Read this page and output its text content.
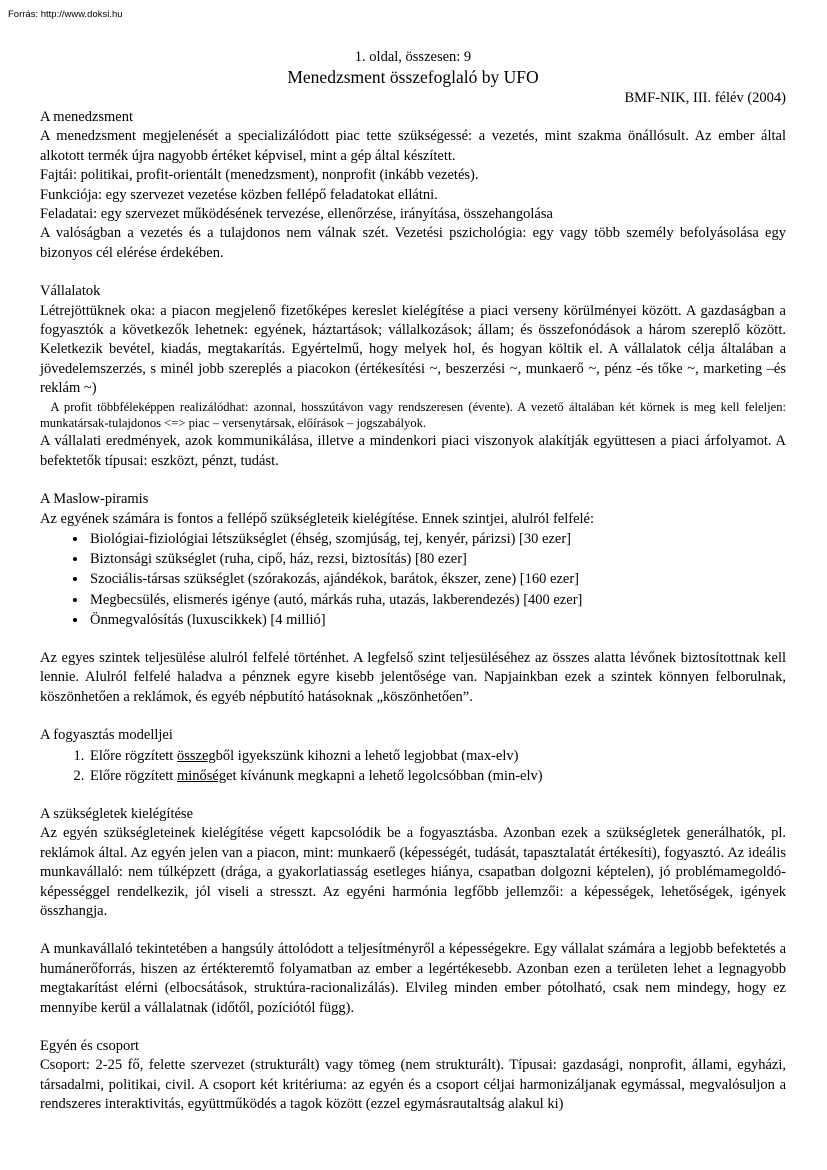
Forrás: http://www.doksi.hu
1. oldal, összesen: 9
Menedzsment összefoglaló by UFO
BMF-NIK, III. félév (2004)
A menedzsment

A menedzsment megjelenését a specializálódott piac tette szükségessé: a vezetés, mint szakma önállósult. Az ember által alkotott termék újra nagyobb értéket képvisel, mint a gép által készített.

Fajtái: politikai, profit-orientált (menedzsment), nonprofit (inkább vezetés).

Funkciója: egy szervezet vezetése közben fellépő feladatokat ellátni.

Feladatai: egy szervezet működésének tervezése, ellenőrzése, irányítása, összehangolása

A valóságban a vezetés és a tulajdonos nem válnak szét. Vezetési pszichológia: egy vagy több személy befolyásolása egy bizonyos cél elérése érdekében.

Vállalatok

Létrejöttüknek oka: a piacon megjelenő fizetőképes kereslet kielégítése a piaci verseny körülményei között. A gazdaságban a fogyasztók a következők lehetnek: egyének, háztartások; vállalkozások; állam; és összefonódások a három szereplő között. Keletkezik bevétel, kiadás, megtakarítás. Egyértelmű, hogy melyek hol, és hogyan költik el. A vállalatok célja általában a jövedelemszerzés, s minél jobb szereplés a piacokon (értékesítési ~, beszerzési ~, munkaerő ~, pénz -és tőke ~, marketing –és reklám ~)

A profit többféleképpen realizálódhat: azonnal, hosszútávon vagy rendszeresen (évente). A vezető általában két körnek is meg kell feleljen: munkatársak-tulajdonos <=> piac – versenytársak, előírások – jogszabályok.

A vállalati eredmények, azok kommunikálása, illetve a mindenkori piaci viszonyok alakítják együttesen a piaci árfolyamot. A befektetők típusai: eszközt, pénzt, tudást.

A Maslow-piramis

Az egyének számára is fontos a fellépő szükségleteik kielégítése. Ennek szintjei, alulról felfelé:

• Biológiai-fiziológiai létszükséglet (éhség, szomjúság, tej, kenyér, párizsi) [30 ezer]
• Biztonsági szükséglet (ruha, cipő, ház, rezsi, biztosítás) [80 ezer]
• Szociális-társas szükséglet (szórakozás, ajándékok, barátok, ékszer, zene) [160 ezer]
• Megbecsülés, elismerés igénye (autó, márkás ruha, utazás, lakberendezés) [400 ezer]
• Önmegvalósítás (luxuscikkek) [4 millió]

Az egyes szintek teljesülése alulról felfelé történhet. A legfelső szint teljesüléséhez az összes alatta lévőnek biztosítottnak kell lennie. Alulról felfelé haladva a pénznek egyre kisebb jelentősége van. Napjainkban ezek a szintek könnyen felborulnak, köszönhetően a reklámok, és egyéb népbutító hatásoknak „köszönhetően”.

A fogyasztás modelljei
1. Előre rögzített összegből igyekszünk kihozni a lehető legjobbat (max-elv)
2. Előre rögzített minőséget kívánunk megkapni a lehető legolcsóbban (min-elv)
A szükségletek kielégítése

Az egyén szükségleteinek kielégítése végett kapcsolódik be a fogyasztásba. Azonban ezek a szükségletek generálhatók, pl. reklámok által. Az egyén jelen van a piacon, mint: munkaerő (képességét, tudását, tapasztalatát értékesíti), fogyasztó. Az ideális munkavállaló: nem túlképzett (drága, a gyakorlatiasság esetleges hiánya, csapatban dolgozni képtelen), jó problémamegoldó-képességgel rendelkezik, jól viseli a stresszt. Az egyéni harmónia legfőbb jellemzői: a képességek, lehetőségek, igények összhangja.

A munkavállaló tekintetében a hangsúly áttolódott a teljesítményről a képességekre. Egy vállalat számára a legjobb befektetés a humánerőforrás, hiszen az értékteremtő folyamatban az ember a legértékesebb. Azonban ezen a területen lehet a legnagyobb megtakarítást elérni (elbocsátások, struktúra-racionalizálás). Elvileg minden ember pótolható, csak nem mindegy, hogy ez mennyibe kerül a vállalatnak (időtől, pozíciótól függ).

Egyén és csoport

Csoport: 2-25 fő, felette szervezet (strukturált) vagy tömeg (nem strukturált). Típusai: gazdasági, nonprofit, állami, egyházi, társadalmi, politikai, civil. A csoport két kritériuma: az egyén és a csoport céljai harmonizáljanak egymással, megvalósuljon a rendszeres interaktivitás, együttműködés a tagok között (ezzel egymásrautaltság alakul ki)
